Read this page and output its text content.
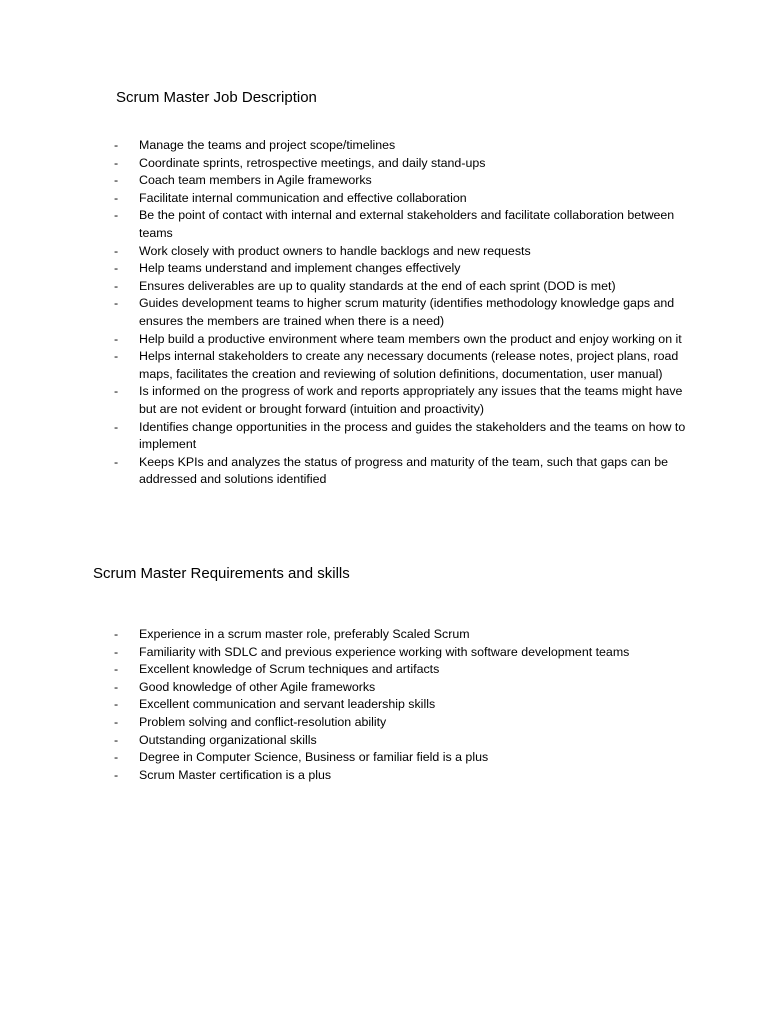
Scrum Master Job Description
- Manage the teams and project scope/timelines
- Coordinate sprints, retrospective meetings, and daily stand-ups
- Coach team members in Agile frameworks
- Facilitate internal communication and effective collaboration
- Be the point of contact with internal and external stakeholders and facilitate collaboration between teams
- Work closely with product owners to handle backlogs and new requests
- Help teams understand and implement changes effectively
- Ensures deliverables are up to quality standards at the end of each sprint (DOD is met)
- Guides development teams to higher scrum maturity (identifies methodology knowledge gaps and ensures the members are trained when there is a need)
- Help build a productive environment where team members own the product and enjoy working on it
- Helps internal stakeholders to create any necessary documents (release notes, project plans, road maps, facilitates the creation and reviewing of solution definitions, documentation, user manual)
- Is informed on the progress of work and reports appropriately any issues that the teams might have but are not evident or brought forward (intuition and proactivity)
- Identifies change opportunities in the process and guides the stakeholders and the teams on how to implement
- Keeps KPIs and analyzes the status of progress and maturity of the team, such that gaps can be addressed and solutions identified
Scrum Master Requirements and skills
- Experience in a scrum master role, preferably Scaled Scrum
- Familiarity with SDLC and previous experience working with software development teams
- Excellent knowledge of Scrum techniques and artifacts
- Good knowledge of other Agile frameworks
- Excellent communication and servant leadership skills
- Problem solving and conflict-resolution ability
- Outstanding organizational skills
- Degree in Computer Science, Business or familiar field is a plus
- Scrum Master certification is a plus
